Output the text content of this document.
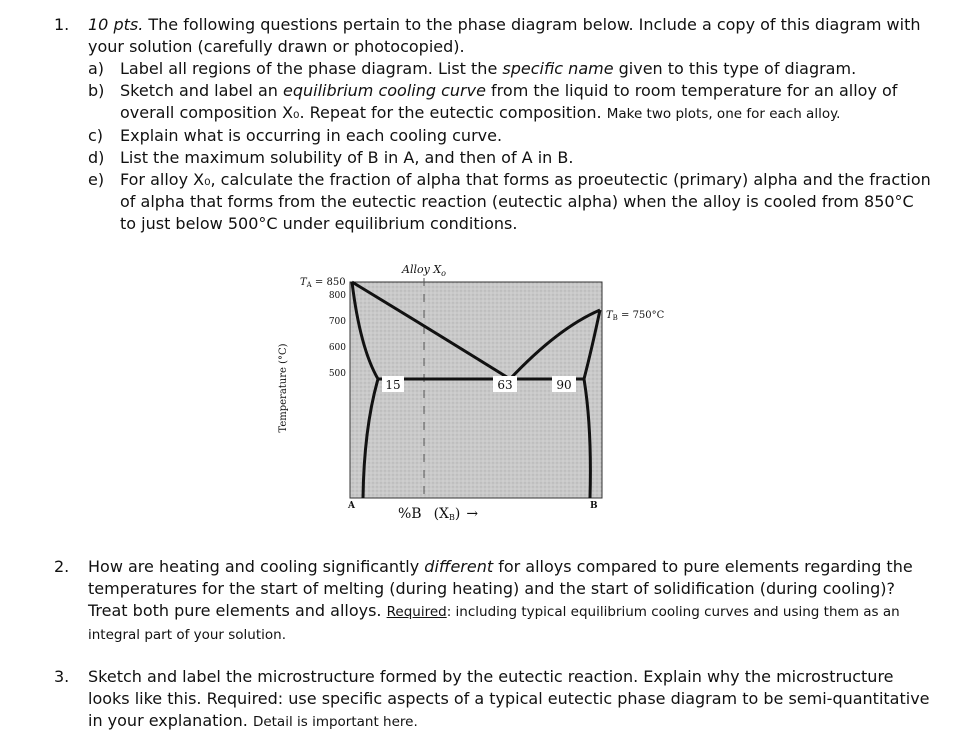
1. 10 pts. The following questions pertain to the phase diagram below. Include a copy of this diagram with your solution (carefully drawn or photocopied).
a) Label all regions of the phase diagram. List the specific name given to this type of diagram.
b) Sketch and label an equilibrium cooling curve from the liquid to room temperature for an alloy of overall composition X₀. Repeat for the eutectic composition. Make two plots, one for each alloy.
c) Explain what is occurring in each cooling curve.
d) List the maximum solubility of B in A, and then of A in B.
e) For alloy X₀, calculate the fraction of alpha that forms as proeutectic (primary) alpha and the fraction of alpha that forms from the eutectic reaction (eutectic alpha) when the alloy is cooled from 850°C to just below 500°C under equilibrium conditions.
15	63	90
Alloy $X_o$
$T_A = 850$
$T_B = 750^\circ C$
800
700
600
500
Temperature (°C)
A	B
%B (XB) →
2. How are heating and cooling significantly different for alloys compared to pure elements regarding the temperatures for the start of melting (during heating) and the start of solidification (during cooling)? Treat both pure elements and alloys. Required: including typical equilibrium cooling curves and using them as an integral part of your solution.
3. Sketch and label the microstructure formed by the eutectic reaction. Explain why the microstructure looks like this. Required: use specific aspects of a typical eutectic phase diagram to be semi-quantitative in your explanation. Detail is important here.
